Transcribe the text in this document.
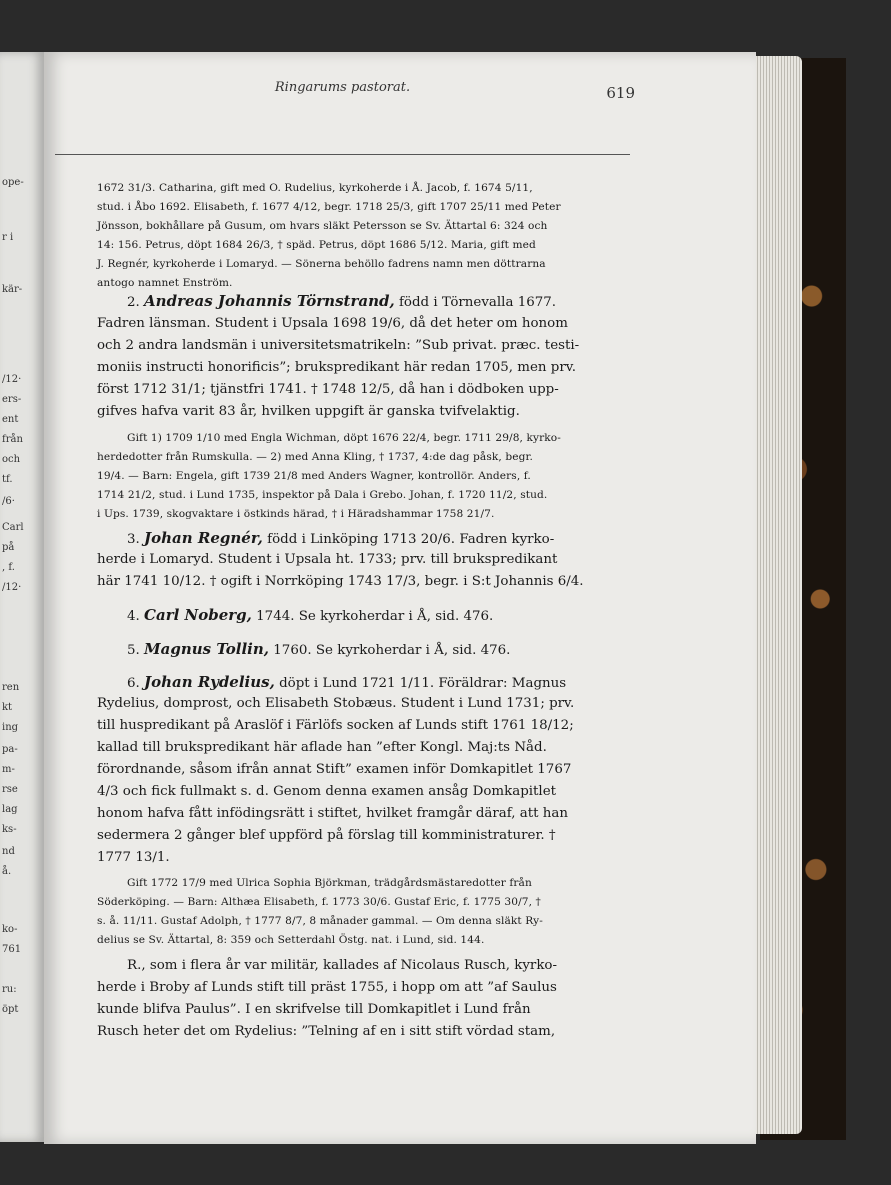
ope-
r i
kär-
/12·
ers-
ent
från
och
tf.
/6·
Carl
på
, f.
/12·
ren
kt
ing
pa-
m-
rse
lag
ks-
nd
å.
ko-
761
ru:
öpt
Ringarums pastorat.	619
1672 31/3. Catharina, gift med O. Rudelius, kyrkoherde i Å. Jacob, f. 1674 5/11,
stud. i Åbo 1692. Elisabeth, f. 1677 4/12, begr. 1718 25/3, gift 1707 25/11 med Peter
Jönsson, bokhållare på Gusum, om hvars släkt Petersson se Sv. Ättartal 6: 324 och
14: 156. Petrus, döpt 1684 26/3, † späd. Petrus, döpt 1686 5/12. Maria, gift med
J. Regnér, kyrkoherde i Lomaryd. — Sönerna behöllo fadrens namn men döttrarna
antogo namnet Enström.
2. Andreas Johannis Törnstrand, född i Törnevalla 1677.
Fadren länsman. Student i Upsala 1698 19/6, då det heter om honom
och 2 andra landsmän i universitetsmatrikeln: ”Sub privat. præc. testi-
moniis instructi honorificis”; brukspredikant här redan 1705, men prv.
först 1712 31/1; tjänstfri 1741. † 1748 12/5, då han i dödboken upp-
gifves hafva varit 83 år, hvilken uppgift är ganska tvifvelaktig.
Gift 1) 1709 1/10 med Engla Wichman, döpt 1676 22/4, begr. 1711 29/8, kyrko-
herdedotter från Rumskulla. — 2) med Anna Kling, † 1737, 4:de dag påsk, begr.
19/4. — Barn: Engela, gift 1739 21/8 med Anders Wagner, kontrollör. Anders, f.
1714 21/2, stud. i Lund 1735, inspektor på Dala i Grebo. Johan, f. 1720 11/2, stud.
i Ups. 1739, skogvaktare i östkinds härad, † i Häradshammar 1758 21/7.
3. Johan Regnér, född i Linköping 1713 20/6. Fadren kyrko-
herde i Lomaryd. Student i Upsala ht. 1733; prv. till brukspredikant
här 1741 10/12. † ogift i Norrköping 1743 17/3, begr. i S:t Johannis 6/4.
4. Carl Noberg, 1744. Se kyrkoherdar i Å, sid. 476.
5. Magnus Tollin, 1760. Se kyrkoherdar i Å, sid. 476.
6. Johan Rydelius, döpt i Lund 1721 1/11. Föräldrar: Magnus
Rydelius, domprost, och Elisabeth Stobæus. Student i Lund 1731; prv.
till huspredikant på Araslöf i Färlöfs socken af Lunds stift 1761 18/12;
kallad till brukspredikant här aflade han ”efter Kongl. Maj:ts Nåd.
förordnande, såsom ifrån annat Stift” examen inför Domkapitlet 1767
4/3 och fick fullmakt s. d. Genom denna examen ansåg Domkapitlet
honom hafva fått infödingsrätt i stiftet, hvilket framgår däraf, att han
sedermera 2 gånger blef uppförd på förslag till komministraturer. †
1777 13/1.
Gift 1772 17/9 med Ulrica Sophia Björkman, trädgårdsmästaredotter från
Söderköping. — Barn: Althæa Elisabeth, f. 1773 30/6. Gustaf Eric, f. 1775 30/7, †
s. å. 11/11. Gustaf Adolph, † 1777 8/7, 8 månader gammal. — Om denna släkt Ry-
delius se Sv. Ättartal, 8: 359 och Setterdahl Östg. nat. i Lund, sid. 144.
R., som i flera år var militär, kallades af Nicolaus Rusch, kyrko-
herde i Broby af Lunds stift till präst 1755, i hopp om att ”af Saulus
kunde blifva Paulus”. I en skrifvelse till Domkapitlet i Lund från
Rusch heter det om Rydelius: ”Telning af en i sitt stift vördad stam,
